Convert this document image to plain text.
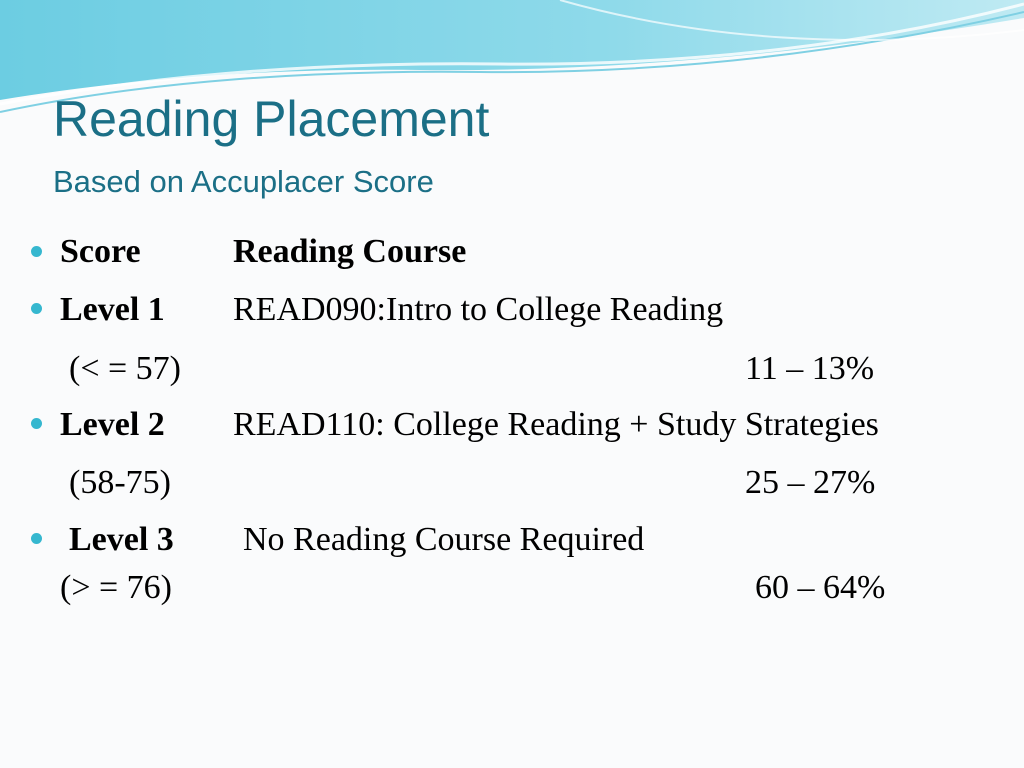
Reading Placement
Based on Accuplacer Score
Score	Reading Course
Level 1 READ090:Intro to College Reading
(< = 57)	11 – 13%
Level 2 READ110: College Reading + Study Strategies
(58-75)	25 – 27%
Level 3 No Reading Course Required
(> = 76)	60 – 64%
